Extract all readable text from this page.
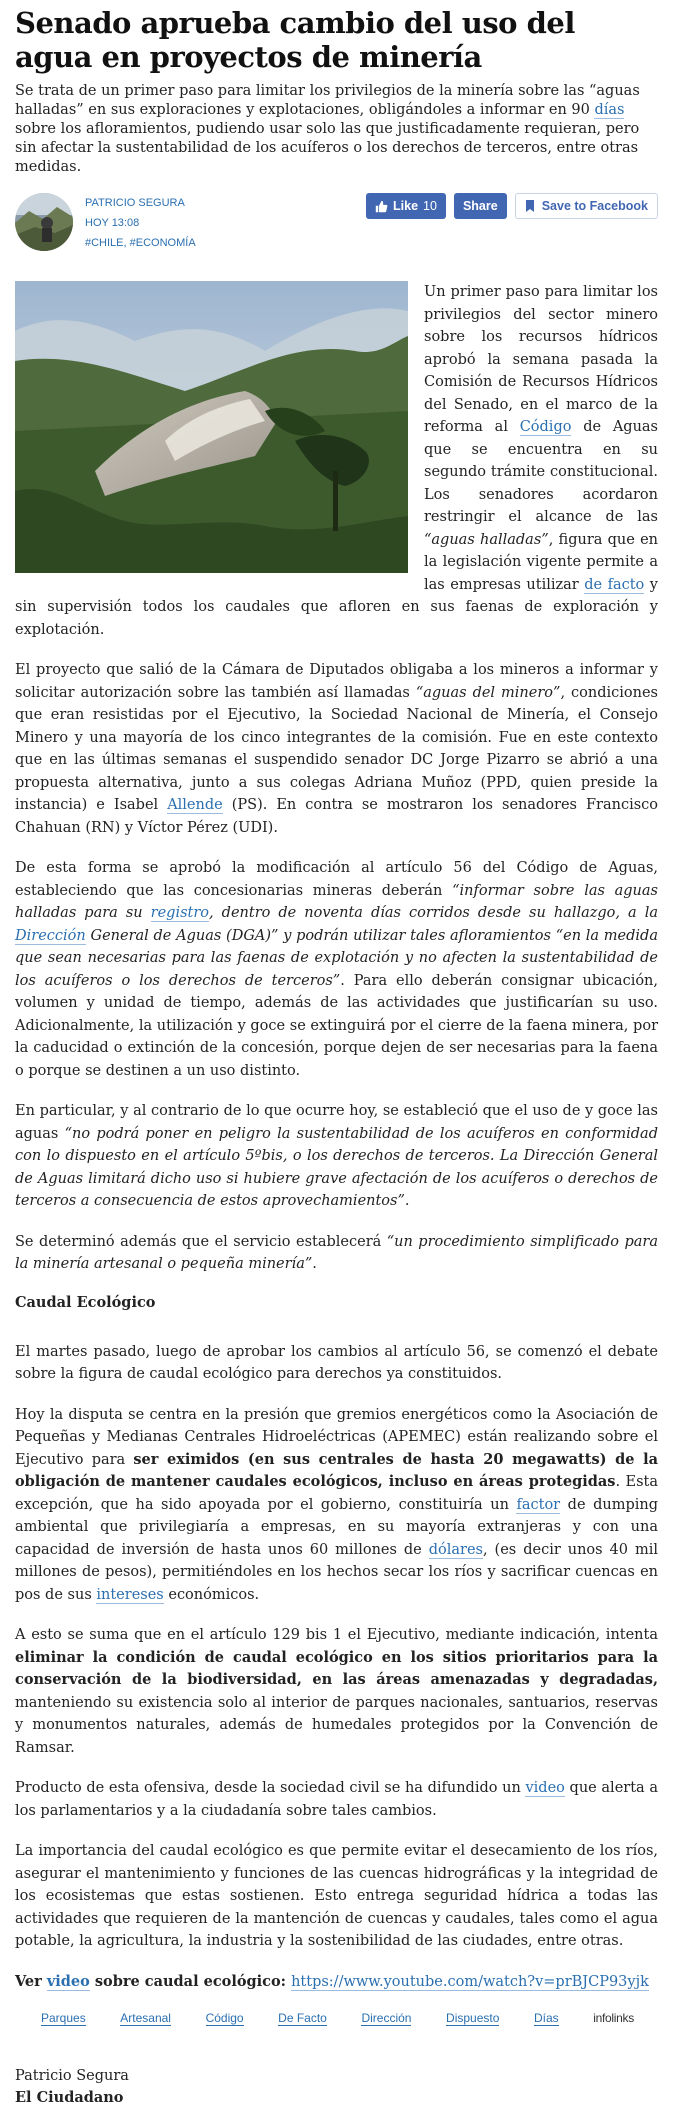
Senado aprueba cambio del uso del agua en proyectos de minería
Se trata de un primer paso para limitar los privilegios de la minería sobre las “aguas halladas” en sus exploraciones y explotaciones, obligándoles a informar en 90 días sobre los afloramientos, pudiendo usar solo las que justificadamente requieran, pero sin afectar la sustentabilidad de los acuíferos o los derechos de terceros, entre otras medidas.
PATRICIO SEGURA
HOY 13:08
#CHILE, #ECONOMÍA
Like 10	Share	Save to Facebook

Un primer paso para limitar los privilegios del sector minero sobre los recursos hídricos aprobó la semana pasada la Comisión de Recursos Hídricos del Senado, en el marco de la reforma al Código de Aguas que se encuentra en su segundo trámite constitucional. Los senadores acordaron restringir el alcance de las “aguas halladas”, figura que en la legislación vigente permite a las empresas utilizar de facto y sin supervisión todos los caudales que afloren en sus faenas de exploración y explotación.

El proyecto que salió de la Cámara de Diputados obligaba a los mineros a informar y solicitar autorización sobre las también así llamadas “aguas del minero”, condiciones que eran resistidas por el Ejecutivo, la Sociedad Nacional de Minería, el Consejo Minero y una mayoría de los cinco integrantes de la comisión. Fue en este contexto que en las últimas semanas el suspendido senador DC Jorge Pizarro se abrió a una propuesta alternativa, junto a sus colegas Adriana Muñoz (PPD, quien preside la instancia) e Isabel Allende (PS). En contra se mostraron los senadores Francisco Chahuan (RN) y Víctor Pérez (UDI).

De esta forma se aprobó la modificación al artículo 56 del Código de Aguas, estableciendo que las concesionarias mineras deberán “informar sobre las aguas halladas para su registro, dentro de noventa días corridos desde su hallazgo, a la Dirección General de Aguas (DGA)” y podrán utilizar tales afloramientos “en la medida que sean necesarias para las faenas de explotación y no afecten la sustentabilidad de los acuíferos o los derechos de terceros”. Para ello deberán consignar ubicación, volumen y unidad de tiempo, además de las actividades que justificarían su uso. Adicionalmente, la utilización y goce se extinguirá por el cierre de la faena minera, por la caducidad o extinción de la concesión, porque dejen de ser necesarias para la faena o porque se destinen a un uso distinto.

En particular, y al contrario de lo que ocurre hoy, se estableció que el uso de y goce las aguas “no podrá poner en peligro la sustentabilidad de los acuíferos en conformidad con lo dispuesto en el artículo 5ºbis, o los derechos de terceros. La Dirección General de Aguas limitará dicho uso si hubiere grave afectación de los acuíferos o derechos de terceros a consecuencia de estos aprovechamientos”.

Se determinó además que el servicio establecerá “un procedimiento simplificado para la minería artesanal o pequeña minería”.

Caudal Ecológico

El martes pasado, luego de aprobar los cambios al artículo 56, se comenzó el debate sobre la figura de caudal ecológico para derechos ya constituidos.

Hoy la disputa se centra en la presión que gremios energéticos como la Asociación de Pequeñas y Medianas Centrales Hidroeléctricas (APEMEC) están realizando sobre el Ejecutivo para ser eximidos (en sus centrales de hasta 20 megawatts) de la obligación de mantener caudales ecológicos, incluso en áreas protegidas. Esta excepción, que ha sido apoyada por el gobierno, constituiría un factor de dumping ambiental que privilegiaría a empresas, en su mayoría extranjeras y con una capacidad de inversión de hasta unos 60 millones de dólares, (es decir unos 40 mil millones de pesos), permitiéndoles en los hechos secar los ríos y sacrificar cuencas en pos de sus intereses económicos.

A esto se suma que en el artículo 129 bis 1 el Ejecutivo, mediante indicación, intenta eliminar la condición de caudal ecológico en los sitios prioritarios para la conservación de la biodiversidad, en las áreas amenazadas y degradadas, manteniendo su existencia solo al interior de parques nacionales, santuarios, reservas y monumentos naturales, además de humedales protegidos por la Convención de Ramsar.

Producto de esta ofensiva, desde la sociedad civil se ha difundido un video que alerta a los parlamentarios y a la ciudadanía sobre tales cambios.

La importancia del caudal ecológico es que permite evitar el desecamiento de los ríos, asegurar el mantenimiento y funciones de las cuencas hidrográficas y la integridad de los ecosistemas que estas sostienen. Esto entrega seguridad hídrica a todas las actividades que requieren de la mantención de cuencas y caudales, tales como el agua potable, la agricultura, la industria y la sostenibilidad de las ciudades, entre otras.

Ver video sobre caudal ecológico: https://www.youtube.com/watch?v=prBJCP93yjk

Parques	Artesanal	Código	De Facto	Dirección	Dispuesto	Días	infolinks
Patricio Segura
El Ciudadano
